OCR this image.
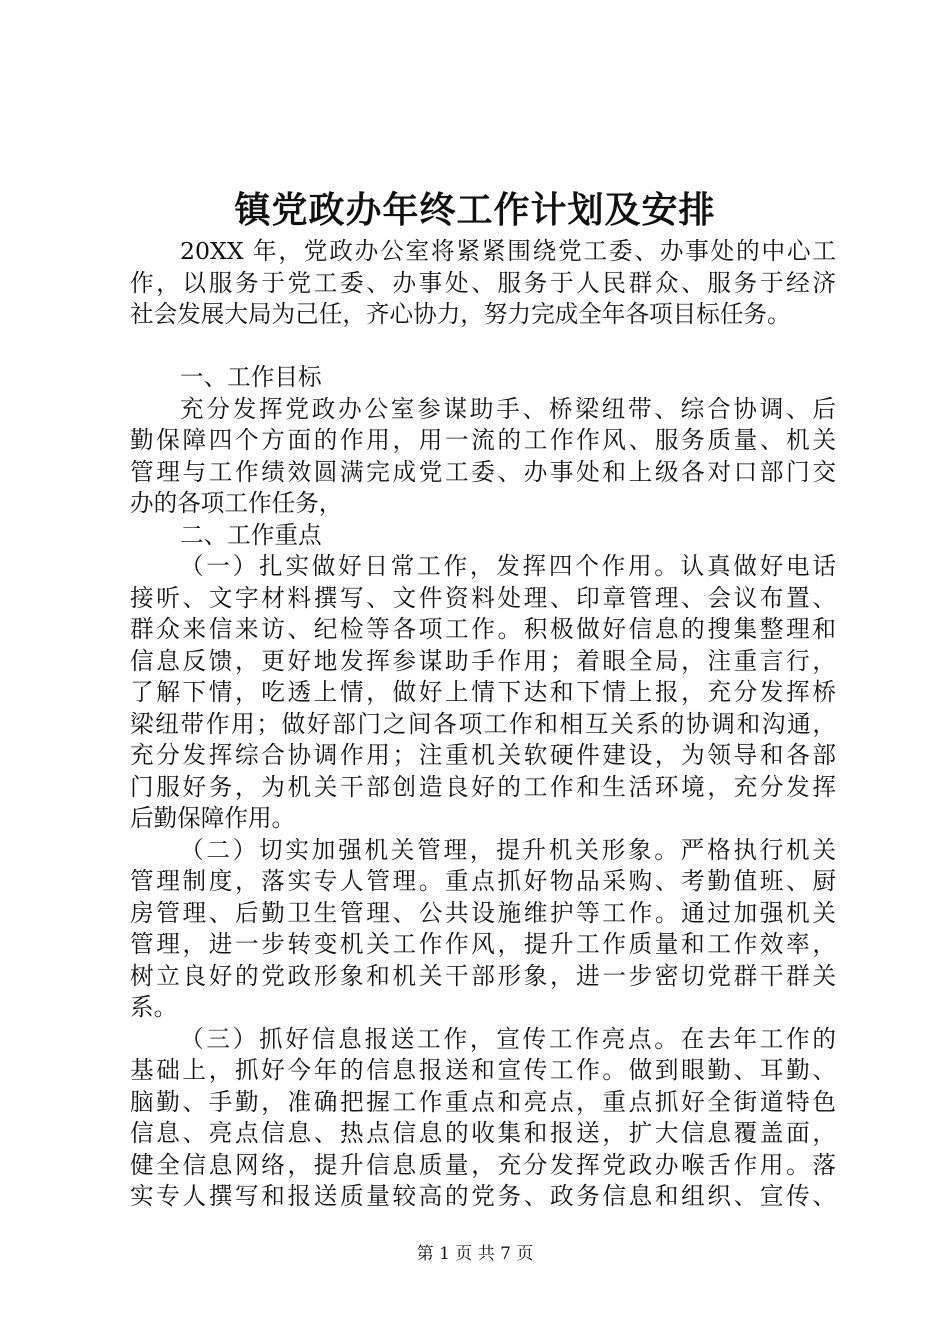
镇党政办年终工作计划及安排
20XX 年，党政办公室将紧紧围绕党工委、办事处的中心工
作，以服务于党工委、办事处、服务于人民群众、服务于经济
社会发展大局为己任，齐心协力，努力完成全年各项目标任务。
一、工作目标
充分发挥党政办公室参谋助手、桥梁纽带、综合协调、后
勤保障四个方面的作用，用一流的工作作风、服务质量、机关
管理与工作绩效圆满完成党工委、办事处和上级各对口部门交
办的各项工作任务，
二、工作重点
（一）扎实做好日常工作，发挥四个作用。认真做好电话
接听、文字材料撰写、文件资料处理、印章管理、会议布置、
群众来信来访、纪检等各项工作。积极做好信息的搜集整理和
信息反馈，更好地发挥参谋助手作用；着眼全局，注重言行，
了解下情，吃透上情，做好上情下达和下情上报，充分发挥桥
梁纽带作用；做好部门之间各项工作和相互关系的协调和沟通，
充分发挥综合协调作用；注重机关软硬件建设，为领导和各部
门服好务，为机关干部创造良好的工作和生活环境，充分发挥
后勤保障作用。
（二）切实加强机关管理，提升机关形象。严格执行机关
管理制度，落实专人管理。重点抓好物品采购、考勤值班、厨
房管理、后勤卫生管理、公共设施维护等工作。通过加强机关
管理，进一步转变机关工作作风，提升工作质量和工作效率，
树立良好的党政形象和机关干部形象，进一步密切党群干群关
系。
（三）抓好信息报送工作，宣传工作亮点。在去年工作的
基础上，抓好今年的信息报送和宣传工作。做到眼勤、耳勤、
脑勤、手勤，准确把握工作重点和亮点，重点抓好全街道特色
信息、亮点信息、热点信息的收集和报送，扩大信息覆盖面，
健全信息网络，提升信息质量，充分发挥党政办喉舌作用。落
实专人撰写和报送质量较高的党务、政务信息和组织、宣传、
第 1 页 共 7 页
